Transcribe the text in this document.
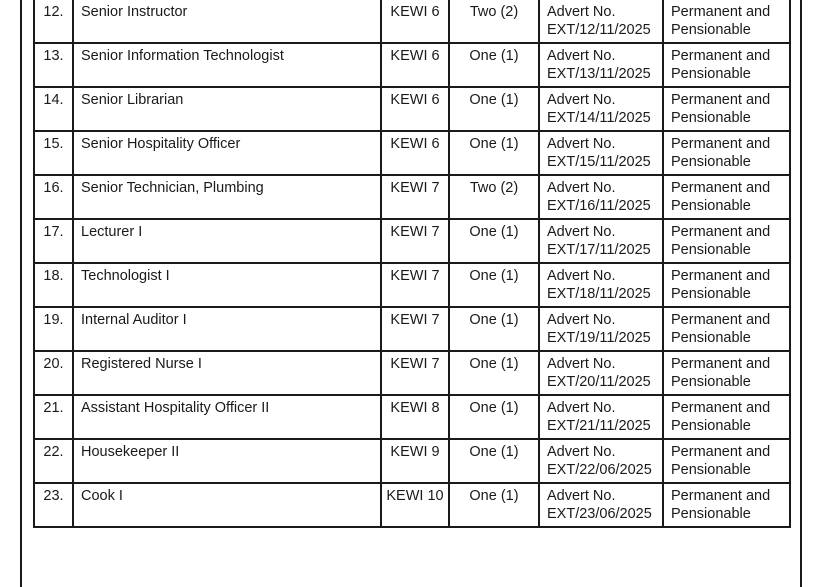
12.	Senior Instructor	KEWI 6	Two (2)	Advert No.
EXT/12/11/2025	Permanent and
Pensionable

13.	Senior Information Technologist	KEWI 6	One (1)	Advert No.
EXT/13/11/2025	Permanent and
Pensionable

14.	Senior Librarian	KEWI 6	One (1)	Advert No.
EXT/14/11/2025	Permanent and
Pensionable

15.	Senior Hospitality Officer	KEWI 6	One (1)	Advert No.
EXT/15/11/2025	Permanent and
Pensionable

16.	Senior Technician, Plumbing	KEWI 7	Two (2)	Advert No.
EXT/16/11/2025	Permanent and
Pensionable

17.	Lecturer I	KEWI 7	One (1)	Advert No.
EXT/17/11/2025	Permanent and
Pensionable

18.	Technologist I	KEWI 7	One (1)	Advert No.
EXT/18/11/2025	Permanent and
Pensionable

19.	Internal Auditor I	KEWI 7	One (1)	Advert No.
EXT/19/11/2025	Permanent and
Pensionable

20.	Registered Nurse I	KEWI 7	One (1)	Advert No.
EXT/20/11/2025	Permanent and
Pensionable

21.	Assistant Hospitality Officer II	KEWI 8	One (1)	Advert No.
EXT/21/11/2025	Permanent and
Pensionable

22.	Housekeeper II	KEWI 9	One (1)	Advert No.
EXT/22/06/2025	Permanent and
Pensionable

23.	Cook I	KEWI 10	One (1)	Advert No.
EXT/23/06/2025	Permanent and
Pensionable
